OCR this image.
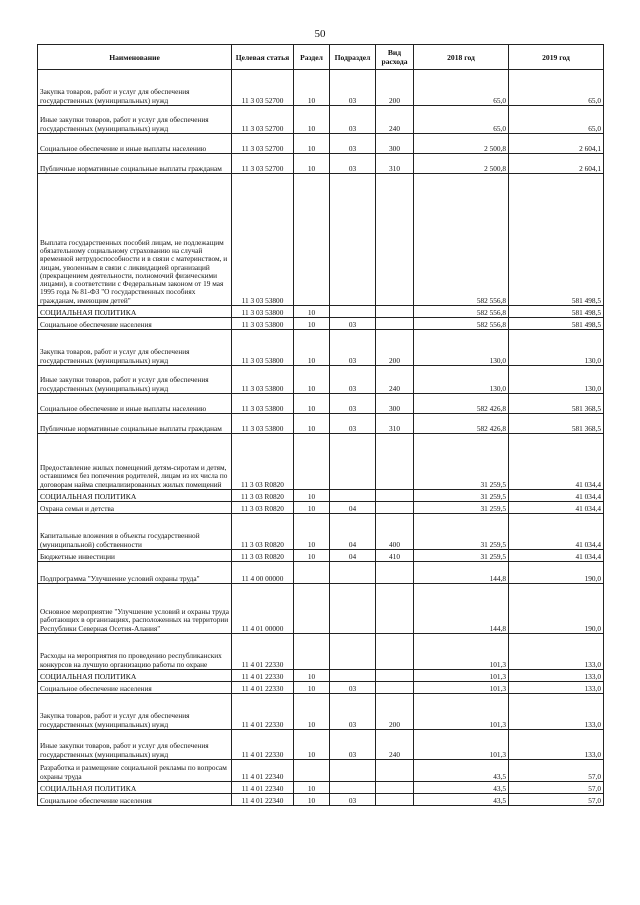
50
Наименование	Целевая статья	Раздел	Подраздел	Вид расхода	2018 год	2019 год
Закупка товаров, работ и услуг для обеспечения государственных (муниципальных) нужд	11 3 03 52700	10	03	200	65,0	65,0
Иные закупки товаров, работ и услуг для обеспечения государственных (муниципальных) нужд	11 3 03 52700	10	03	240	65,0	65,0
Социальное обеспечение и иные выплаты населению	11 3 03 52700	10	03	300	2 500,8	2 604,1
Публичные нормативные социальные выплаты гражданам	11 3 03 52700	10	03	310	2 500,8	2 604,1
Выплата государственных пособий лицам, не подлежащим обязательному социальному страхованию на случай временной нетрудоспособности и в связи с материнством, и лицам, уволенным в связи с ликвидацией организаций (прекращением деятельности, полномочий физическими лицами), в соответствии с Федеральным законом от 19 мая 1995 года № 81-ФЗ "О государственных пособиях гражданам, имеющим детей"	11 3 03 53800				582 556,8	581 498,5
СОЦИАЛЬНАЯ ПОЛИТИКА	11 3 03 53800	10			582 556,8	581 498,5
Социальное обеспечение населения	11 3 03 53800	10	03		582 556,8	581 498,5
Закупка товаров, работ и услуг для обеспечения государственных (муниципальных) нужд	11 3 03 53800	10	03	200	130,0	130,0
Иные закупки товаров, работ и услуг для обеспечения государственных (муниципальных) нужд	11 3 03 53800	10	03	240	130,0	130,0
Социальное обеспечение и иные выплаты населению	11 3 03 53800	10	03	300	582 426,8	581 368,5
Публичные нормативные социальные выплаты гражданам	11 3 03 53800	10	03	310	582 426,8	581 368,5
Предоставление жилых помещений детям-сиротам и детям, оставшимся без попечения родителей, лицам из их числа по договорам найма специализированных жилых помещений	11 3 03 R0820				31 259,5	41 034,4
СОЦИАЛЬНАЯ ПОЛИТИКА	11 3 03 R0820	10			31 259,5	41 034,4
Охрана семьи и детства	11 3 03 R0820	10	04		31 259,5	41 034,4
Капитальные вложения в объекты государственной (муниципальной) собственности	11 3 03 R0820	10	04	400	31 259,5	41 034,4
Бюджетные инвестиции	11 3 03 R0820	10	04	410	31 259,5	41 034,4
Подпрограмма "Улучшение условий охраны труда"	11 4 00 00000				144,8	190,0
Основное мероприятие "Улучшение условий и охраны труда работающих в организациях, расположенных на территории Республики Северная Осетия-Алания"	11 4 01 00000				144,8	190,0
Расходы на мероприятия по проведению республиканских конкурсов на лучшую организацию работы по охране	11 4 01 22330				101,3	133,0
СОЦИАЛЬНАЯ ПОЛИТИКА	11 4 01 22330	10			101,3	133,0
Социальное обеспечение населения	11 4 01 22330	10	03		101,3	133,0
Закупка товаров, работ и услуг для обеспечения государственных (муниципальных) нужд	11 4 01 22330	10	03	200	101,3	133,0
Иные закупки товаров, работ и услуг для обеспечения государственных (муниципальных) нужд	11 4 01 22330	10	03	240	101,3	133,0
Разработка и размещение социальной рекламы по вопросам охраны труда	11 4 01 22340				43,5	57,0
СОЦИАЛЬНАЯ ПОЛИТИКА	11 4 01 22340	10			43,5	57,0
Социальное обеспечение населения	11 4 01 22340	10	03		43,5	57,0
